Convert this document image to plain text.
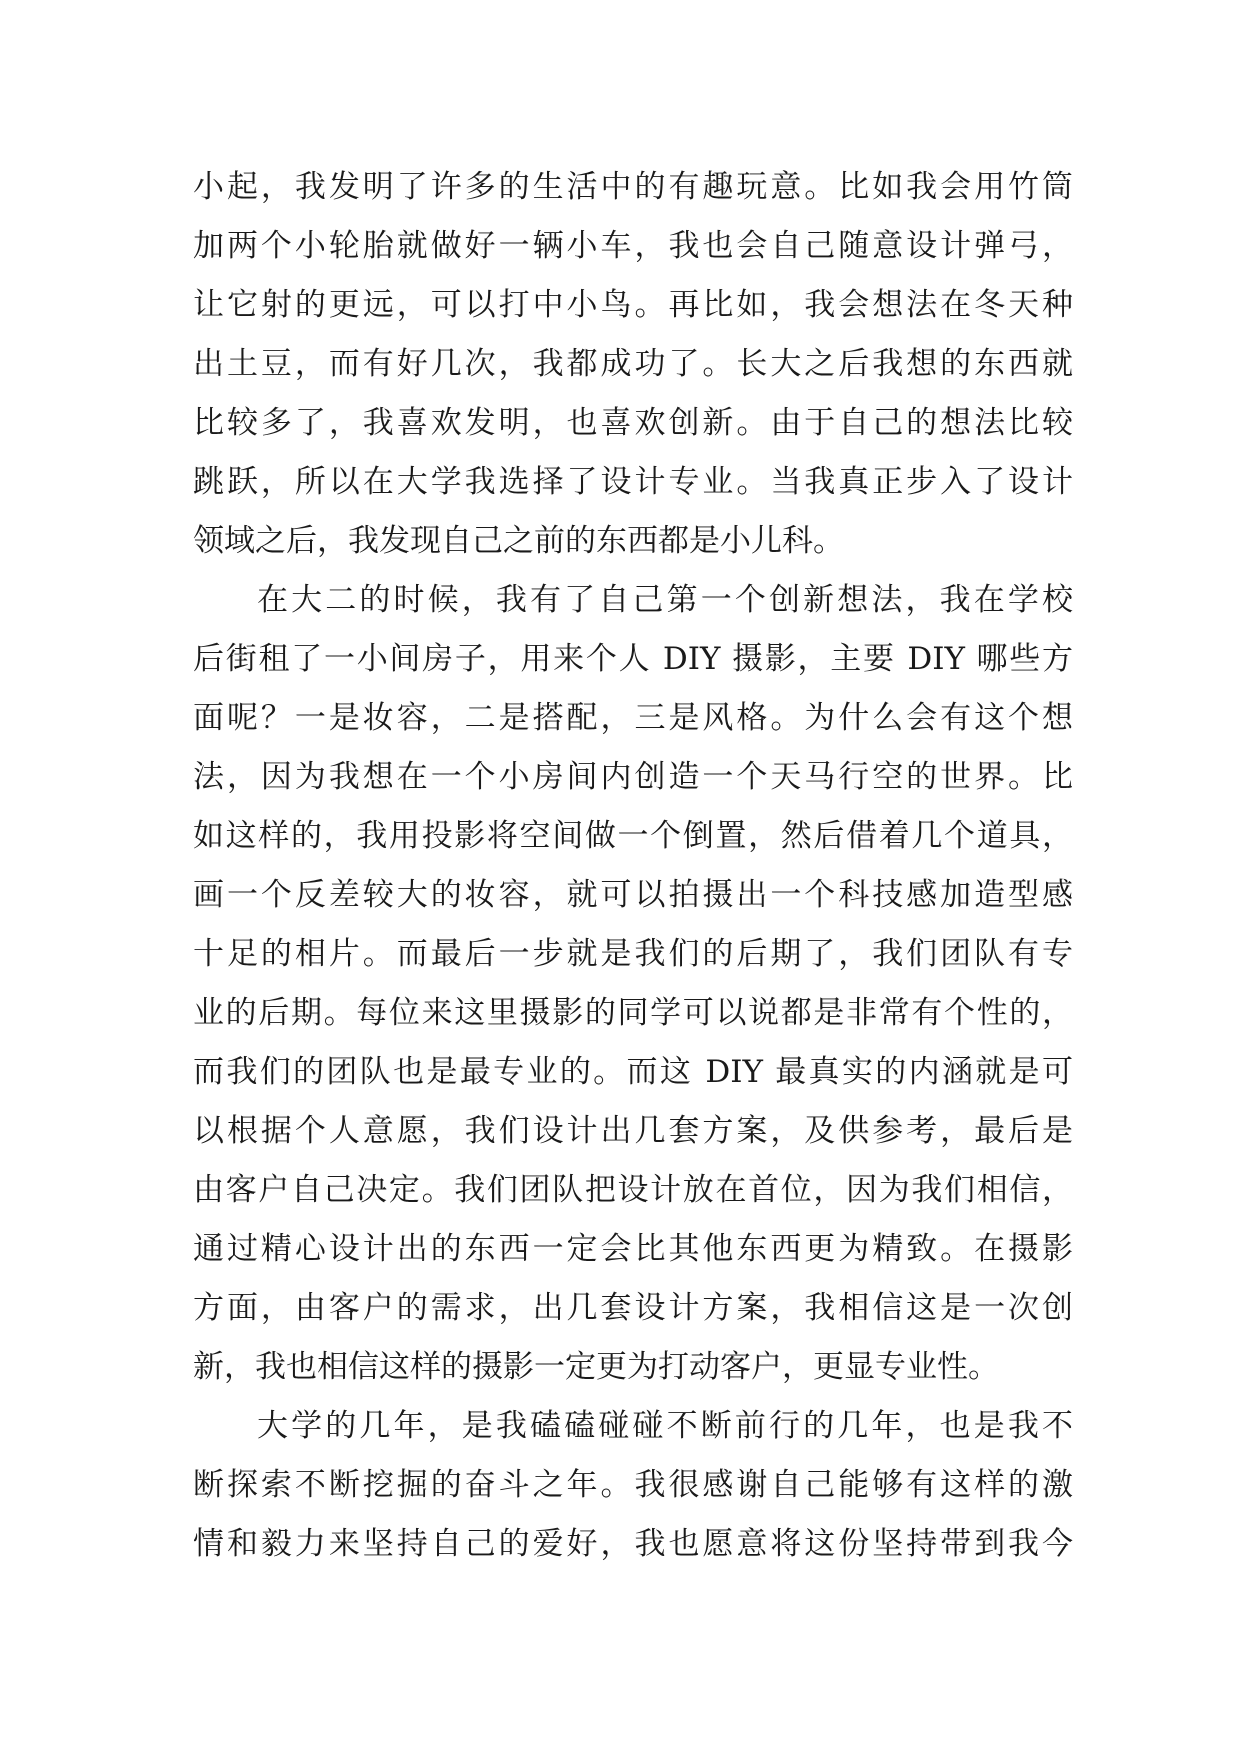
小起，我发明了许多的生活中的有趣玩意。比如我会用竹筒
加两个小轮胎就做好一辆小车，我也会自己随意设计弹弓，
让它射的更远，可以打中小鸟。再比如，我会想法在冬天种
出土豆，而有好几次，我都成功了。长大之后我想的东西就
比较多了，我喜欢发明，也喜欢创新。由于自己的想法比较
跳跃，所以在大学我选择了设计专业。当我真正步入了设计
领域之后，我发现自己之前的东西都是小儿科。
在大二的时候，我有了自己第一个创新想法，我在学校
后街租了一小间房子，用来个人 DIY 摄影，主要 DIY 哪些方
面呢？一是妆容，二是搭配，三是风格。为什么会有这个想
法，因为我想在一个小房间内创造一个天马行空的世界。比
如这样的，我用投影将空间做一个倒置，然后借着几个道具，
画一个反差较大的妆容，就可以拍摄出一个科技感加造型感
十足的相片。而最后一步就是我们的后期了，我们团队有专
业的后期。每位来这里摄影的同学可以说都是非常有个性的，
而我们的团队也是最专业的。而这 DIY 最真实的内涵就是可
以根据个人意愿，我们设计出几套方案，及供参考，最后是
由客户自己决定。我们团队把设计放在首位，因为我们相信，
通过精心设计出的东西一定会比其他东西更为精致。在摄影
方面，由客户的需求，出几套设计方案，我相信这是一次创
新，我也相信这样的摄影一定更为打动客户，更显专业性。
大学的几年，是我磕磕碰碰不断前行的几年，也是我不
断探索不断挖掘的奋斗之年。我很感谢自己能够有这样的激
情和毅力来坚持自己的爱好，我也愿意将这份坚持带到我今
